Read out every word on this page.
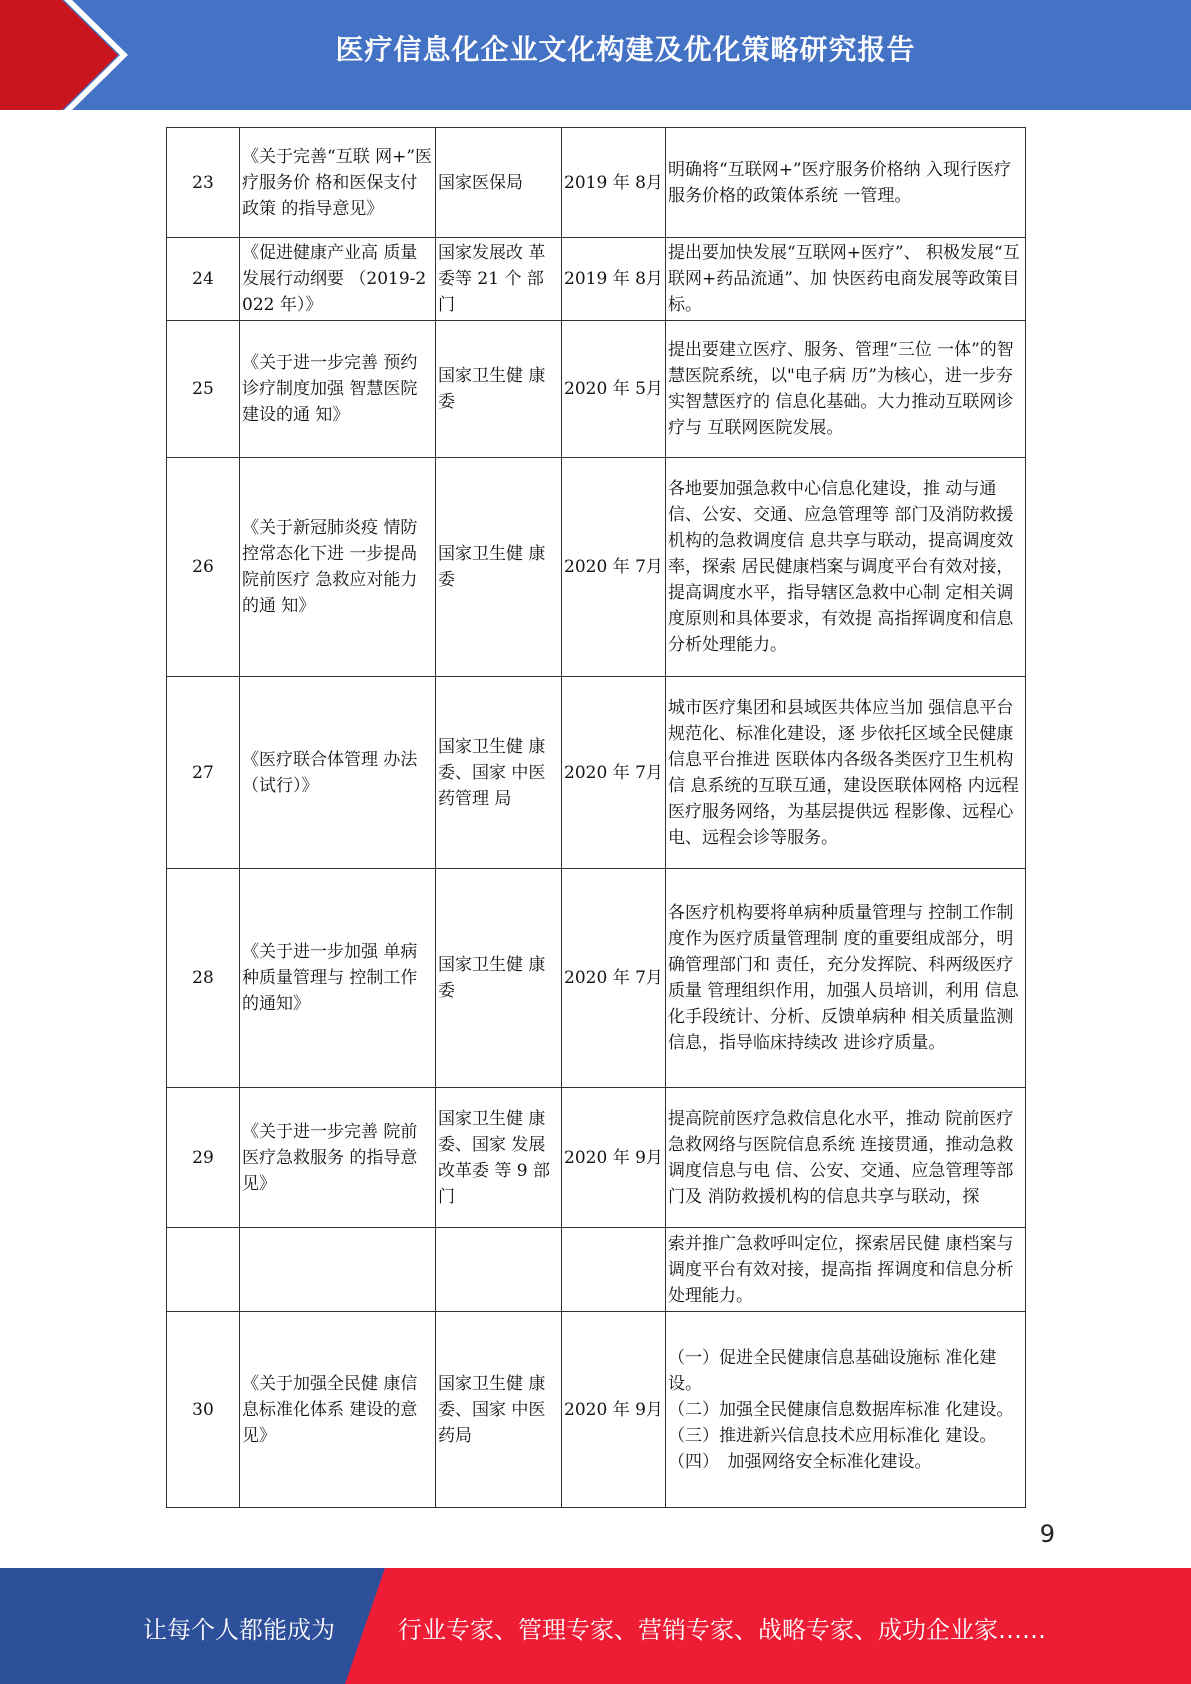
医疗信息化企业文化构建及优化策略研究报告
23	《关于完善“互联 网+”医疗服务价 格和医保支付政策 的指导意见》	国家医保局	2019 年 8月	明确将“互联网+”医疗服务价格纳 入现行医疗服务价格的政策体系统 一管理。
24	《促进健康产业高 质量发展行动纲要 （2019-2022 年）》	国家发展改 革委等 21 个 部门	2019 年 8月	提出要加快发展“互联网+医疗”、 积极发展“互联网+药品流通”、加 快医药电商发展等政策目标。
25	《关于进一步完善 预约诊疗制度加强 智慧医院建设的通 知》	国家卫生健 康委	2020 年 5月	提出要建立医疗、服务、管理“三位 一体”的智慧医院系统，以"电子病 历”为核心，进一步夯实智慧医疗的 信息化基础。大力推动互联网诊疗与 互联网医院发展。
26	《关于新冠肺炎疫 情防控常态化下进 一步提咼院前医疗 急救应对能力的通 知》	国家卫生健 康委	2020 年 7月	各地要加强急救中心信息化建设，推 动与通信、公安、交通、应急管理等 部门及消防救援机构的急救调度信 息共享与联动，提高调度效率，探索 居民健康档案与调度平台有效对接， 提高调度水平，指导辖区急救中心制 定相关调度原则和具体要求，有效提 高指挥调度和信息分析处理能力。
27	《医疗联合体管理 办法（试行）》	国家卫生健 康委、国家 中医药管理 局	2020 年 7月	城市医疗集团和县域医共体应当加 强信息平台规范化、标准化建设，逐 步依托区域全民健康信息平台推进 医联体内各级各类医疗卫生机构信 息系统的互联互通，建设医联体网格 内远程医疗服务网络，为基层提供远 程影像、远程心电、远程会诊等服务。
28	《关于进一步加强 单病种质量管理与 控制工作的通知》	国家卫生健 康委	2020 年 7月	各医疗机构要将单病种质量管理与 控制工作制度作为医疗质量管理制 度的重要组成部分，明确管理部门和 责任，充分发挥院、科两级医疗质量 管理组织作用，加强人员培训，利用 信息化手段统计、分析、反馈单病种 相关质量监测信息，指导临床持续改 进诊疗质量。
29	《关于进一步完善 院前医疗急救服务 的指导意见》	国家卫生健 康委、国家 发展改革委 等 9 部门	2020 年 9月	提高院前医疗急救信息化水平，推动 院前医疗急救网络与医院信息系统 连接贯通，推动急救调度信息与电 信、公安、交通、应急管理等部门及 消防救援机构的信息共享与联动，探
				索并推广急救呼叫定位，探索居民健 康档案与调度平台有效对接，提高指 挥调度和信息分析处理能力。
30	《关于加强全民健 康信息标准化体系 建设的意见》	国家卫生健 康委、国家 中医药局	2020 年 9月	（一）促进全民健康信息基础设施标 准化建设。
（二）加强全民健康信息数据库标准 化建设。
（三）推进新兴信息技术应用标准化 建设。
（四）　加强网络安全标准化建设。
9
让每个人都能成为	行业专家、管理专家、营销专家、战略专家、成功企业家……
